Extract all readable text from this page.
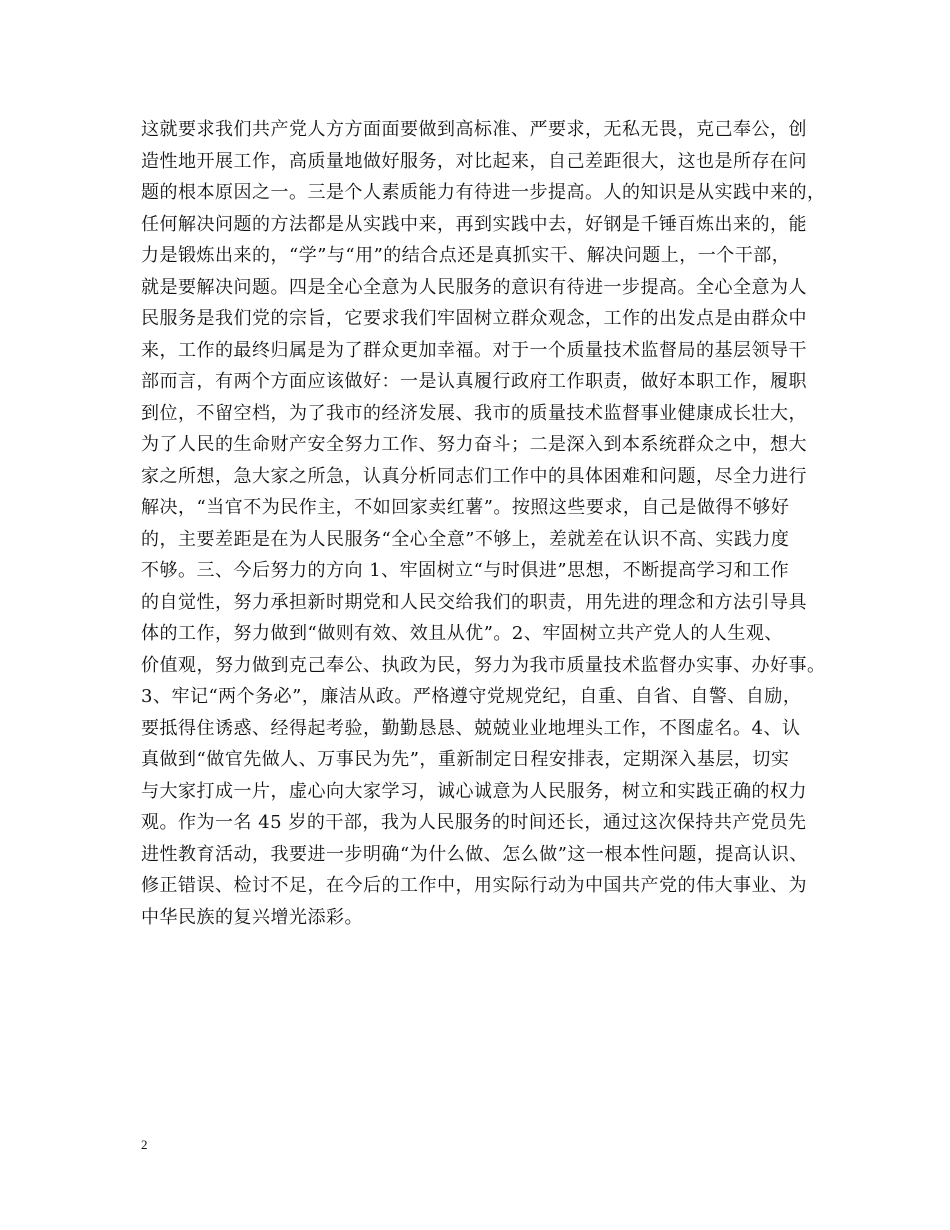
这就要求我们共产党人方方面面要做到高标准、严要求，无私无畏，克己奉公，创
造性地开展工作，高质量地做好服务，对比起来，自己差距很大，这也是所存在问
题的根本原因之一。三是个人素质能力有待进一步提高。人的知识是从实践中来的，
任何解决问题的方法都是从实践中来，再到实践中去，好钢是千锤百炼出来的，能
力是锻炼出来的，“学”与“用”的结合点还是真抓实干、解决问题上，一个干部，
就是要解决问题。四是全心全意为人民服务的意识有待进一步提高。全心全意为人
民服务是我们党的宗旨，它要求我们牢固树立群众观念，工作的出发点是由群众中
来，工作的最终归属是为了群众更加幸福。对于一个质量技术监督局的基层领导干
部而言，有两个方面应该做好：一是认真履行政府工作职责，做好本职工作，履职
到位，不留空档，为了我市的经济发展、我市的质量技术监督事业健康成长壮大，
为了人民的生命财产安全努力工作、努力奋斗；二是深入到本系统群众之中，想大
家之所想，急大家之所急，认真分析同志们工作中的具体困难和问题，尽全力进行
解决，“当官不为民作主，不如回家卖红薯”。按照这些要求，自己是做得不够好
的，主要差距是在为人民服务“全心全意”不够上，差就差在认识不高、实践力度
不够。三、今后努力的方向 1、牢固树立“与时俱进”思想，不断提高学习和工作
的自觉性，努力承担新时期党和人民交给我们的职责，用先进的理念和方法引导具
体的工作，努力做到“做则有效、效且从优”。2、牢固树立共产党人的人生观、
价值观，努力做到克己奉公、执政为民，努力为我市质量技术监督办实事、办好事。
3、牢记“两个务必”，廉洁从政。严格遵守党规党纪，自重、自省、自警、自励，
要抵得住诱惑、经得起考验，勤勤恳恳、兢兢业业地埋头工作，不图虚名。4、认
真做到“做官先做人、万事民为先”，重新制定日程安排表，定期深入基层，切实
与大家打成一片，虚心向大家学习，诚心诚意为人民服务，树立和实践正确的权力
观。作为一名 45 岁的干部，我为人民服务的时间还长，通过这次保持共产党员先
进性教育活动，我要进一步明确“为什么做、怎么做”这一根本性问题，提高认识、
修正错误、检讨不足，在今后的工作中，用实际行动为中国共产党的伟大事业、为
中华民族的复兴增光添彩。
2
